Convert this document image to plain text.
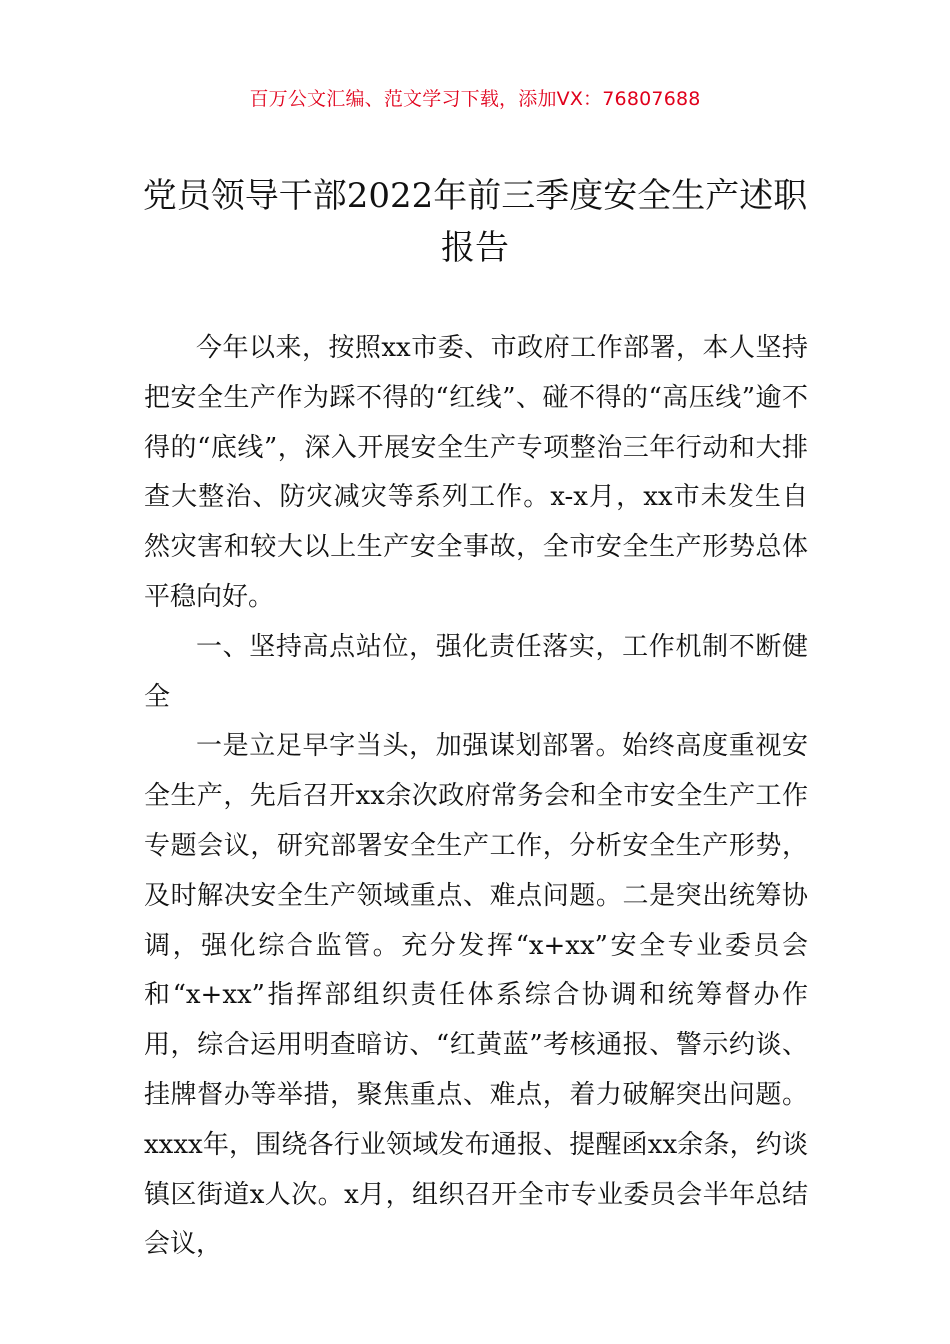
百万公文汇编、范文学习下载，添加VX：76807688
党员领导干部2022年前三季度安全生产述职报告

今年以来，按照xx市委、市政府工作部署，本人坚持把安全生产作为踩不得的“红线”、碰不得的“高压线”逾不得的“底线”，深入开展安全生产专项整治三年行动和大排查大整治、防灾减灾等系列工作。x-x月，xx市未发生自然灾害和较大以上生产安全事故，全市安全生产形势总体平稳向好。

一、坚持高点站位，强化责任落实，工作机制不断健全

一是立足早字当头，加强谋划部署。始终高度重视安全生产，先后召开xx余次政府常务会和全市安全生产工作专题会议，研究部署安全生产工作，分析安全生产形势，及时解决安全生产领域重点、难点问题。二是突出统筹协调，强化综合监管。充分发挥“x+xx”安全专业委员会和“x+xx”指挥部组织责任体系综合协调和统筹督办作用，综合运用明查暗访、“红黄蓝”考核通报、警示约谈、挂牌督办等举措，聚焦重点、难点，着力破解突出问题。xxxx年，围绕各行业领域发布通报、提醒函xx余条，约谈镇区街道x人次。x月，组织召开全市专业委员会半年总结会议，
